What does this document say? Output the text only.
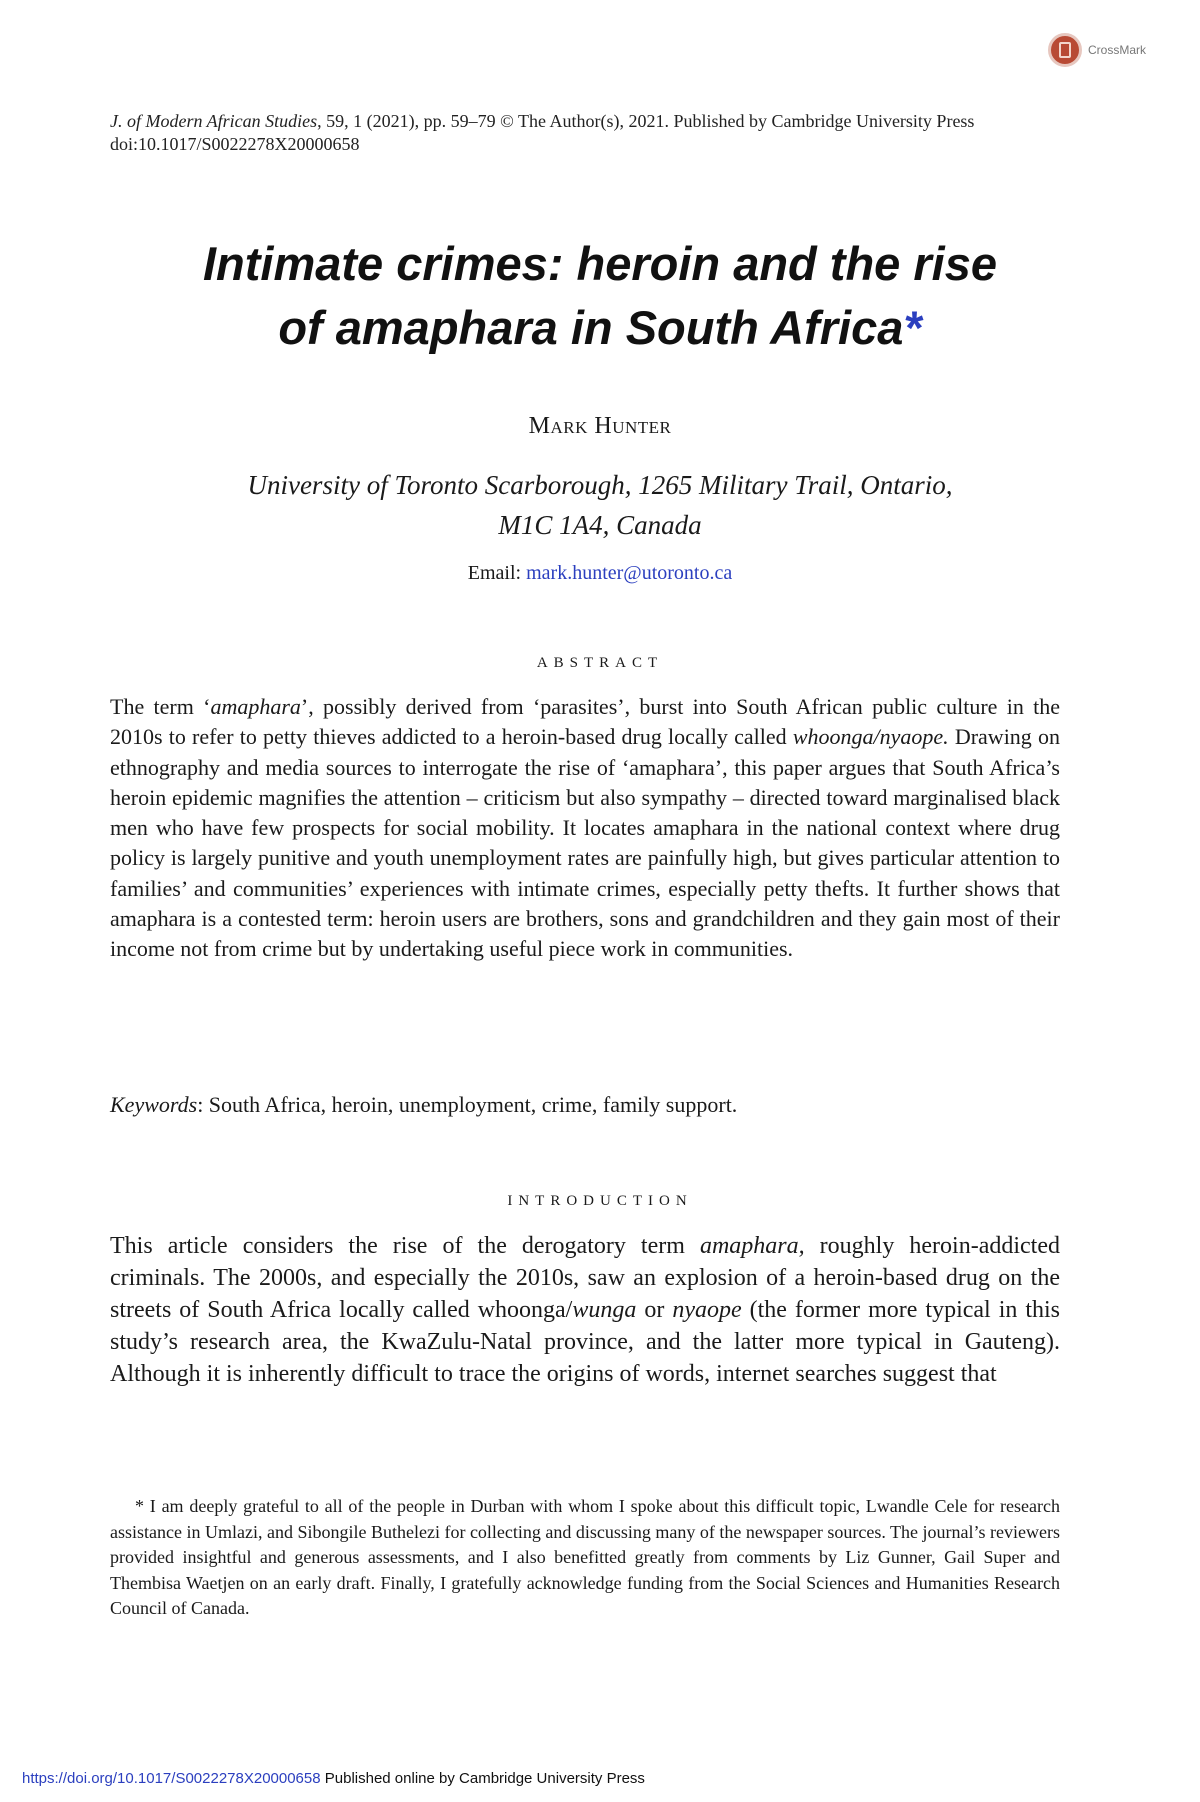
CrossMark
J. of Modern African Studies, 59, 1 (2021), pp. 59–79 © The Author(s), 2021. Published by Cambridge University Press
doi:10.1017/S0022278X20000658
Intimate crimes: heroin and the rise
of amaphara in South Africa*
Mark Hunter
University of Toronto Scarborough, 1265 Military Trail, Ontario,
M1C 1A4, Canada
Email: mark.hunter@utoronto.ca
ABSTRACT
The term ‘amaphara’, possibly derived from ‘parasites’, burst into South African public culture in the 2010s to refer to petty thieves addicted to a heroin-based drug locally called whoonga/nyaope. Drawing on ethnography and media sources to interrogate the rise of ‘amaphara’, this paper argues that South Africa’s heroin epidemic magnifies the attention – criticism but also sympathy – directed toward marginalised black men who have few prospects for social mobility. It locates amaphara in the national context where drug policy is largely punitive and youth unemployment rates are painfully high, but gives particular attention to families’ and communities’ experiences with intimate crimes, especially petty thefts. It further shows that amaphara is a contested term: heroin users are brothers, sons and grandchildren and they gain most of their income not from crime but by undertaking useful piece work in communities.
Keywords: South Africa, heroin, unemployment, crime, family support.
INTRODUCTION
This article considers the rise of the derogatory term amaphara, roughly heroin-addicted criminals. The 2000s, and especially the 2010s, saw an explosion of a heroin-based drug on the streets of South Africa locally called whoonga/wunga or nyaope (the former more typical in this study’s research area, the KwaZulu-Natal province, and the latter more typical in Gauteng). Although it is inherently difficult to trace the origins of words, internet searches suggest that
* I am deeply grateful to all of the people in Durban with whom I spoke about this difficult topic, Lwandle Cele for research assistance in Umlazi, and Sibongile Buthelezi for collecting and discussing many of the newspaper sources. The journal’s reviewers provided insightful and generous assessments, and I also benefitted greatly from comments by Liz Gunner, Gail Super and Thembisa Waetjen on an early draft. Finally, I gratefully acknowledge funding from the Social Sciences and Humanities Research Council of Canada.
https://doi.org/10.1017/S0022278X20000658 Published online by Cambridge University Press
